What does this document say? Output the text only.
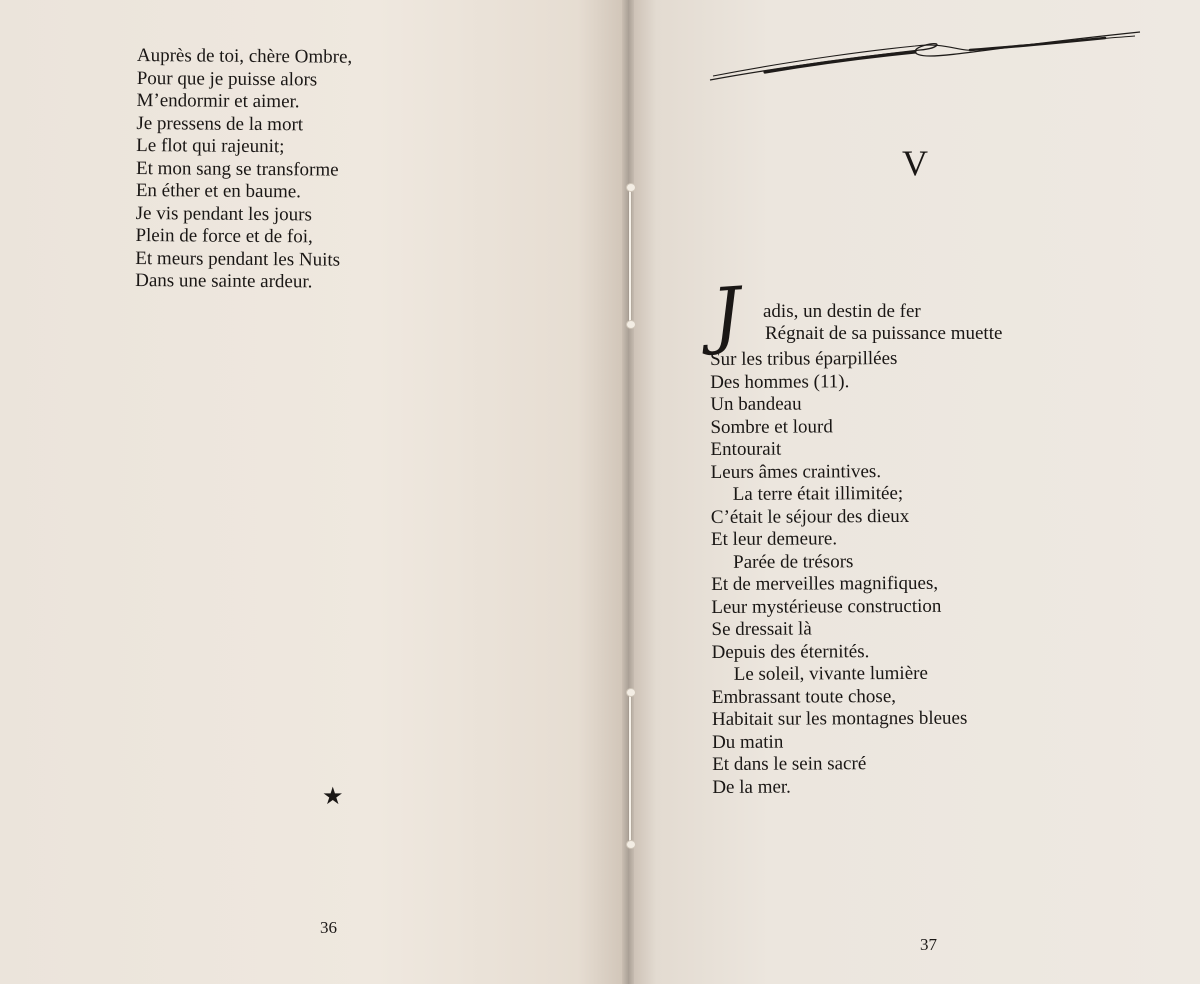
Auprès de toi, chère Ombre,
Pour que je puisse alors
M’endormir et aimer.
Je pressens de la mort
Le flot qui rajeunit;
Et mon sang se transforme
En éther et en baume.
Je vis pendant les jours
Plein de force et de foi,
Et meurs pendant les Nuits
Dans une sainte ardeur.
★
36
V
J adis, un destin de fer
Régnait de sa puissance muette
Sur les tribus éparpillées
Des hommes (11).
Un bandeau
Sombre et lourd
Entourait
Leurs âmes craintives.
La terre était illimitée;
C’était le séjour des dieux
Et leur demeure.
Parée de trésors
Et de merveilles magnifiques,
Leur mystérieuse construction
Se dressait là
Depuis des éternités.
Le soleil, vivante lumière
Embrassant toute chose,
Habitait sur les montagnes bleues
Du matin
Et dans le sein sacré
De la mer.
37
